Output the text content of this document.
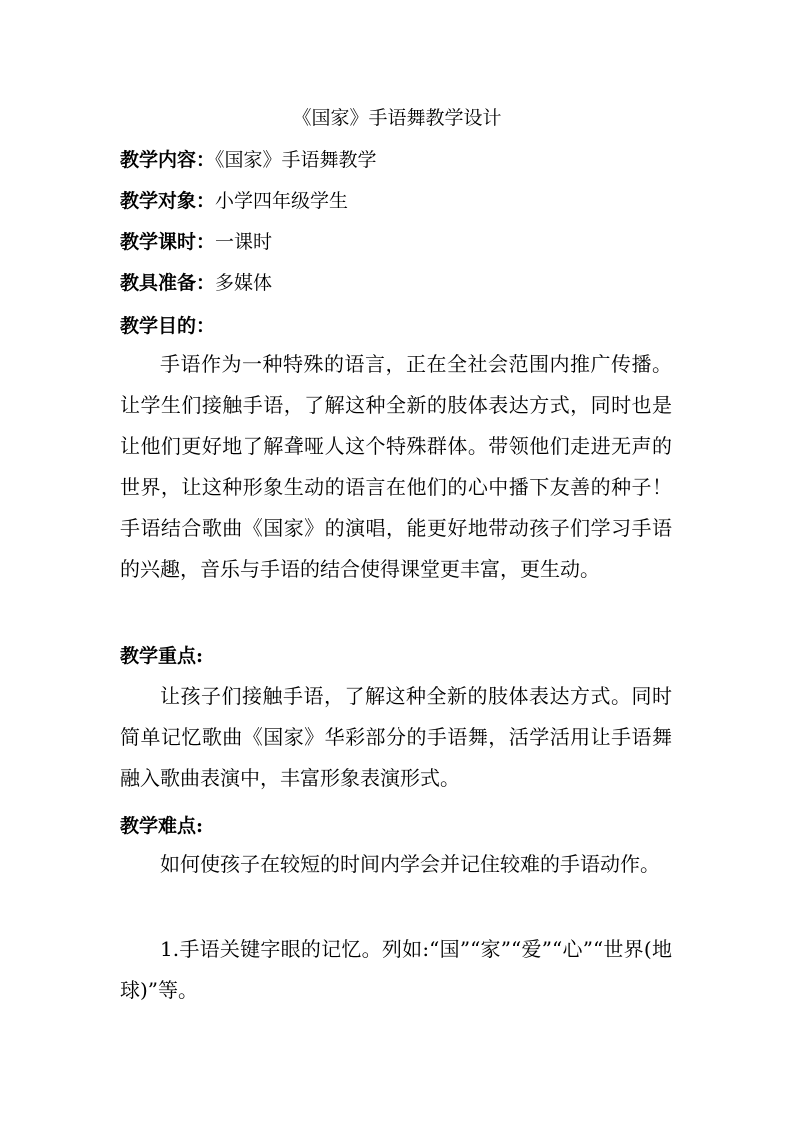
《国家》手语舞教学设计
教学内容：《国家》手语舞教学
教学对象：小学四年级学生
教学课时：一课时
教具准备：多媒体
教学目的：
手语作为一种特殊的语言，正在全社会范围内推广传播。让学生们接触手语，了解这种全新的肢体表达方式，同时也是让他们更好地了解聋哑人这个特殊群体。带领他们走进无声的世界，让这种形象生动的语言在他们的心中播下友善的种子！手语结合歌曲《国家》的演唱，能更好地带动孩子们学习手语的兴趣，音乐与手语的结合使得课堂更丰富，更生动。
教学重点:
让孩子们接触手语，了解这种全新的肢体表达方式。同时简单记忆歌曲《国家》华彩部分的手语舞，活学活用让手语舞融入歌曲表演中，丰富形象表演形式。
教学难点:
如何使孩子在较短的时间内学会并记住较难的手语动作。
1.手语关键字眼的记忆。列如:“国”“家”“爱”“心”“世界(地球)”等。
